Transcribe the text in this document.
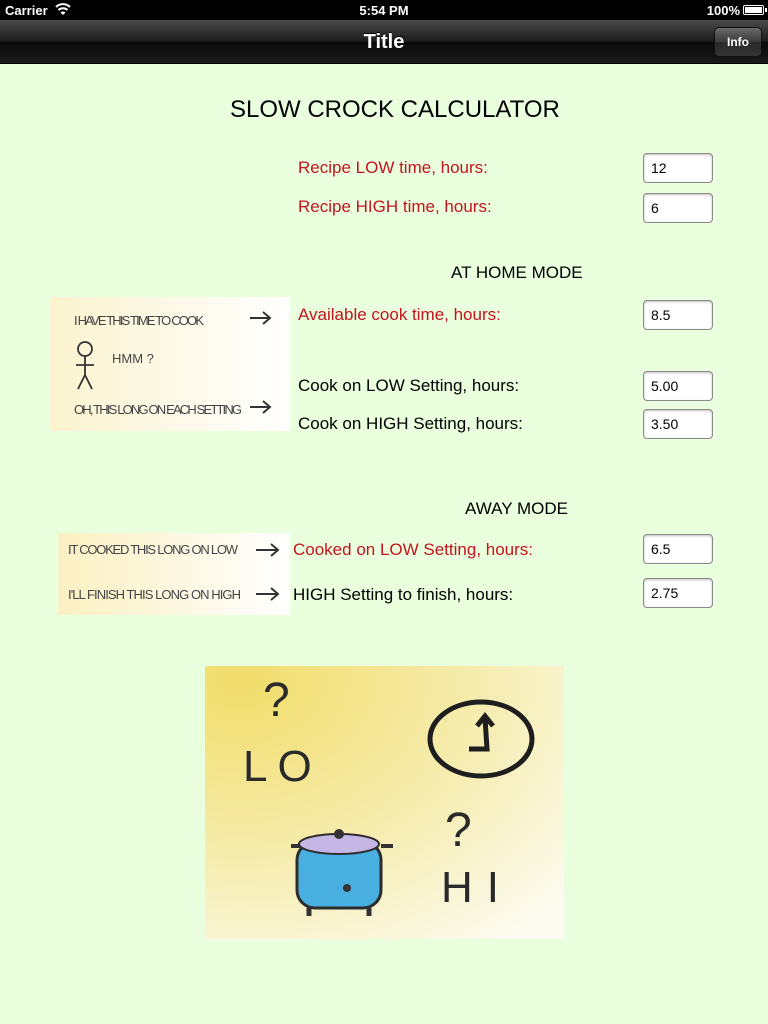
Carrier	5:54 PM	100%
Title	Info
SLOW CROCK CALCULATOR
Recipe LOW time, hours:
12
Recipe HIGH time, hours:
6
AT HOME MODE
I HAVE THIS TIME TO COOK
HMM ?
OH, THIS LONG ON EACH SETTING
Available cook time, hours:
8.5
Cook on LOW Setting, hours:
5.00
Cook on HIGH Setting, hours:
3.50
AWAY MODE
IT COOKED THIS LONG ON LOW
I'LL FINISH THIS LONG ON HIGH
Cooked on LOW Setting, hours:
6.5
HIGH Setting to finish, hours:
2.75
?
LO
?
HI
